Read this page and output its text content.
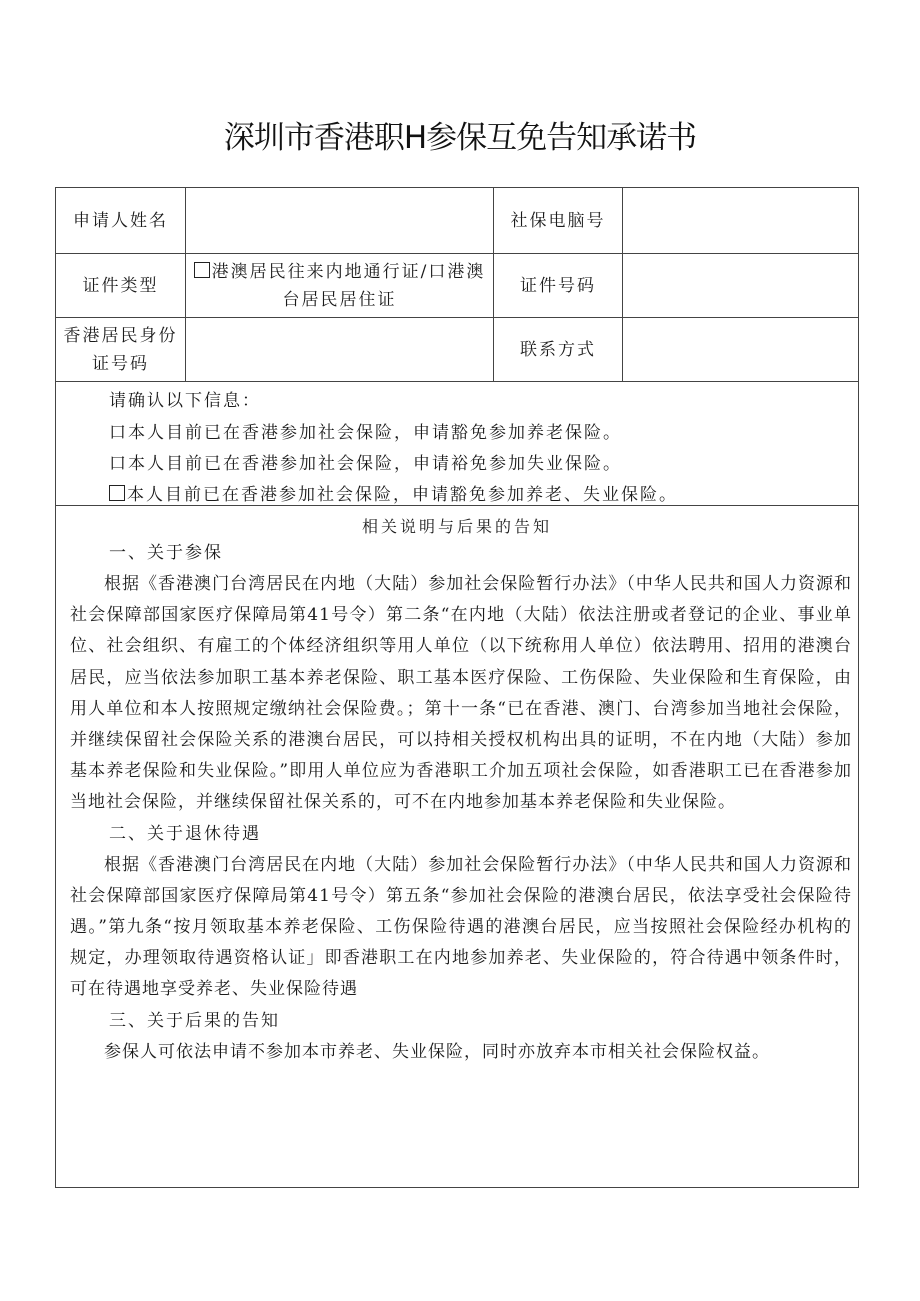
深圳市香港职H参保互免告知承诺书
申请人姓名	社保电脑号
证件类型
港澳居民往来内地通行证/口港澳台居民居住证
证件号码
香港居民身份证号码
联系方式

请确认以下信息：

口本人目前已在香港参加社会保险，申请豁免参加养老保险。

口本人目前已在香港参加社会保险，申请裕免参加失业保险。

本人目前已在香港参加社会保险，申请豁免参加养老、失业保险。

相关说明与后果的告知
一、关于参保
根据《香港澳门台湾居民在内地（大陆）参加社会保险暂行办法》（中华人民共和国人力资源和社会保障部国家医疗保障局第41号令）第二条“在内地（大陆）依法注册或者登记的企业、事业单位、社会组织、有雇工的个体经济组织等用人单位（以下统称用人单位）依法聘用、招用的港澳台居民，应当依法参加职工基本养老保险、职工基本医疗保险、工伤保险、失业保险和生育保险，由用人单位和本人按照规定缴纳社会保险费。；第十一条“已在香港、澳门、台湾参加当地社会保险，并继续保留社会保险关系的港澳台居民，可以持相关授权机构出具的证明，不在内地（大陆）参加基本养老保险和失业保险。”即用人单位应为香港职工介加五项社会保险，如香港职工已在香港参加当地社会保险，并继续保留社保关系的，可不在内地参加基本养老保险和失业保险。
二、关于退休待遇
根据《香港澳门台湾居民在内地（大陆）参加社会保险暂行办法》（中华人民共和国人力资源和社会保障部国家医疗保障局第41号令）第五条“参加社会保险的港澳台居民，依法享受社会保险待遇。”第九条“按月领取基本养老保险、工伤保险待遇的港澳台居民，应当按照社会保险经办机构的规定，办理领取待遇资格认证」即香港职工在内地参加养老、失业保险的，符合待遇中领条件时，可在待遇地享受养老、失业保险待遇
三、关于后果的告知
参保人可依法申请不参加本市养老、失业保险，同时亦放弃本市相关社会保险权益。
